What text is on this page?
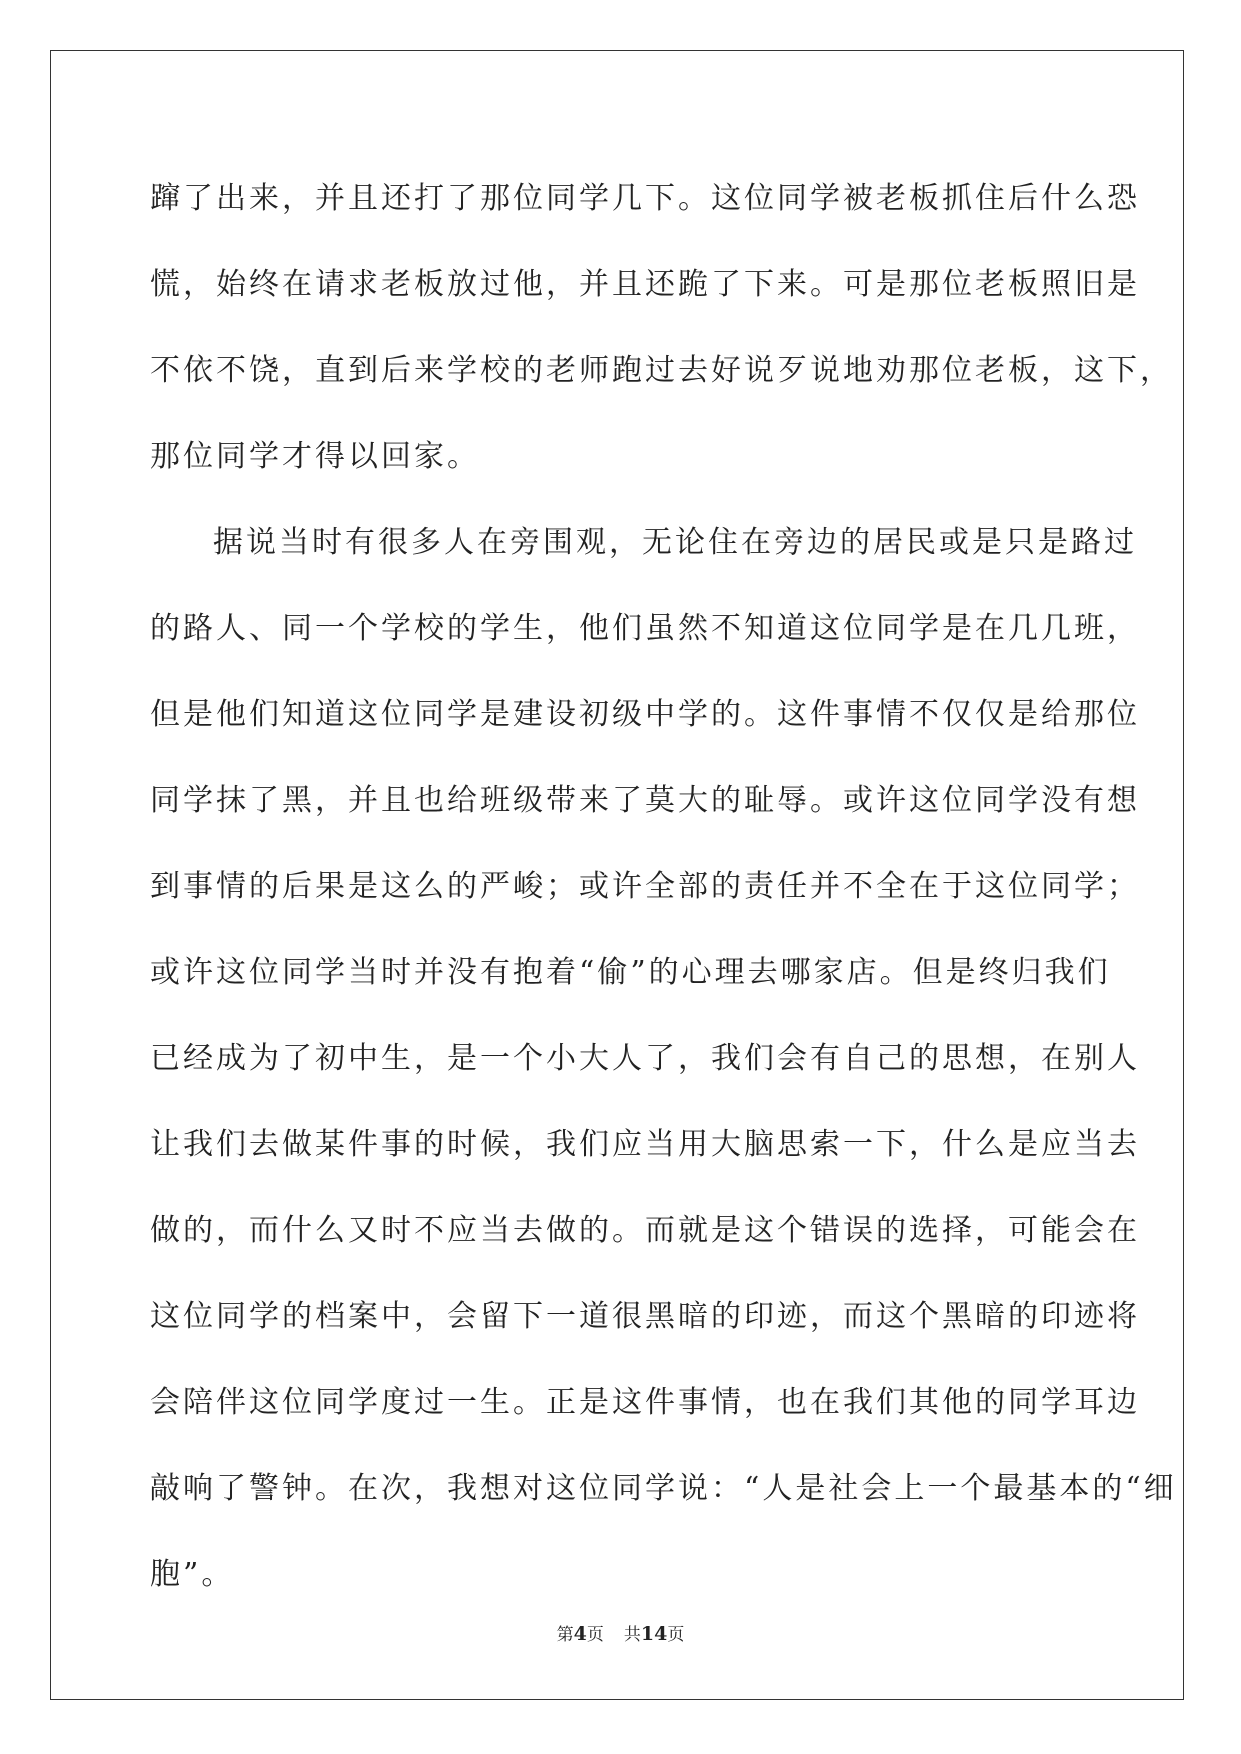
蹿了出来，并且还打了那位同学几下。这位同学被老板抓住后什么恐
慌，始终在请求老板放过他，并且还跪了下来。可是那位老板照旧是
不依不饶，直到后来学校的老师跑过去好说歹说地劝那位老板，这下，
那位同学才得以回家。
据说当时有很多人在旁围观，无论住在旁边的居民或是只是路过
的路人、同一个学校的学生，他们虽然不知道这位同学是在几几班，
但是他们知道这位同学是建设初级中学的。这件事情不仅仅是给那位
同学抹了黑，并且也给班级带来了莫大的耻辱。或许这位同学没有想
到事情的后果是这么的严峻；或许全部的责任并不全在于这位同学；
或许这位同学当时并没有抱着“偷”的心理去哪家店。但是终归我们
已经成为了初中生，是一个小大人了，我们会有自己的思想，在别人
让我们去做某件事的时候，我们应当用大脑思索一下，什么是应当去
做的，而什么又时不应当去做的。而就是这个错误的选择，可能会在
这位同学的档案中，会留下一道很黑暗的印迹，而这个黑暗的印迹将
会陪伴这位同学度过一生。正是这件事情，也在我们其他的同学耳边
敲响了警钟。在次，我想对这位同学说：“人是社会上一个最基本的“细
胞”。
第4页 共14页
